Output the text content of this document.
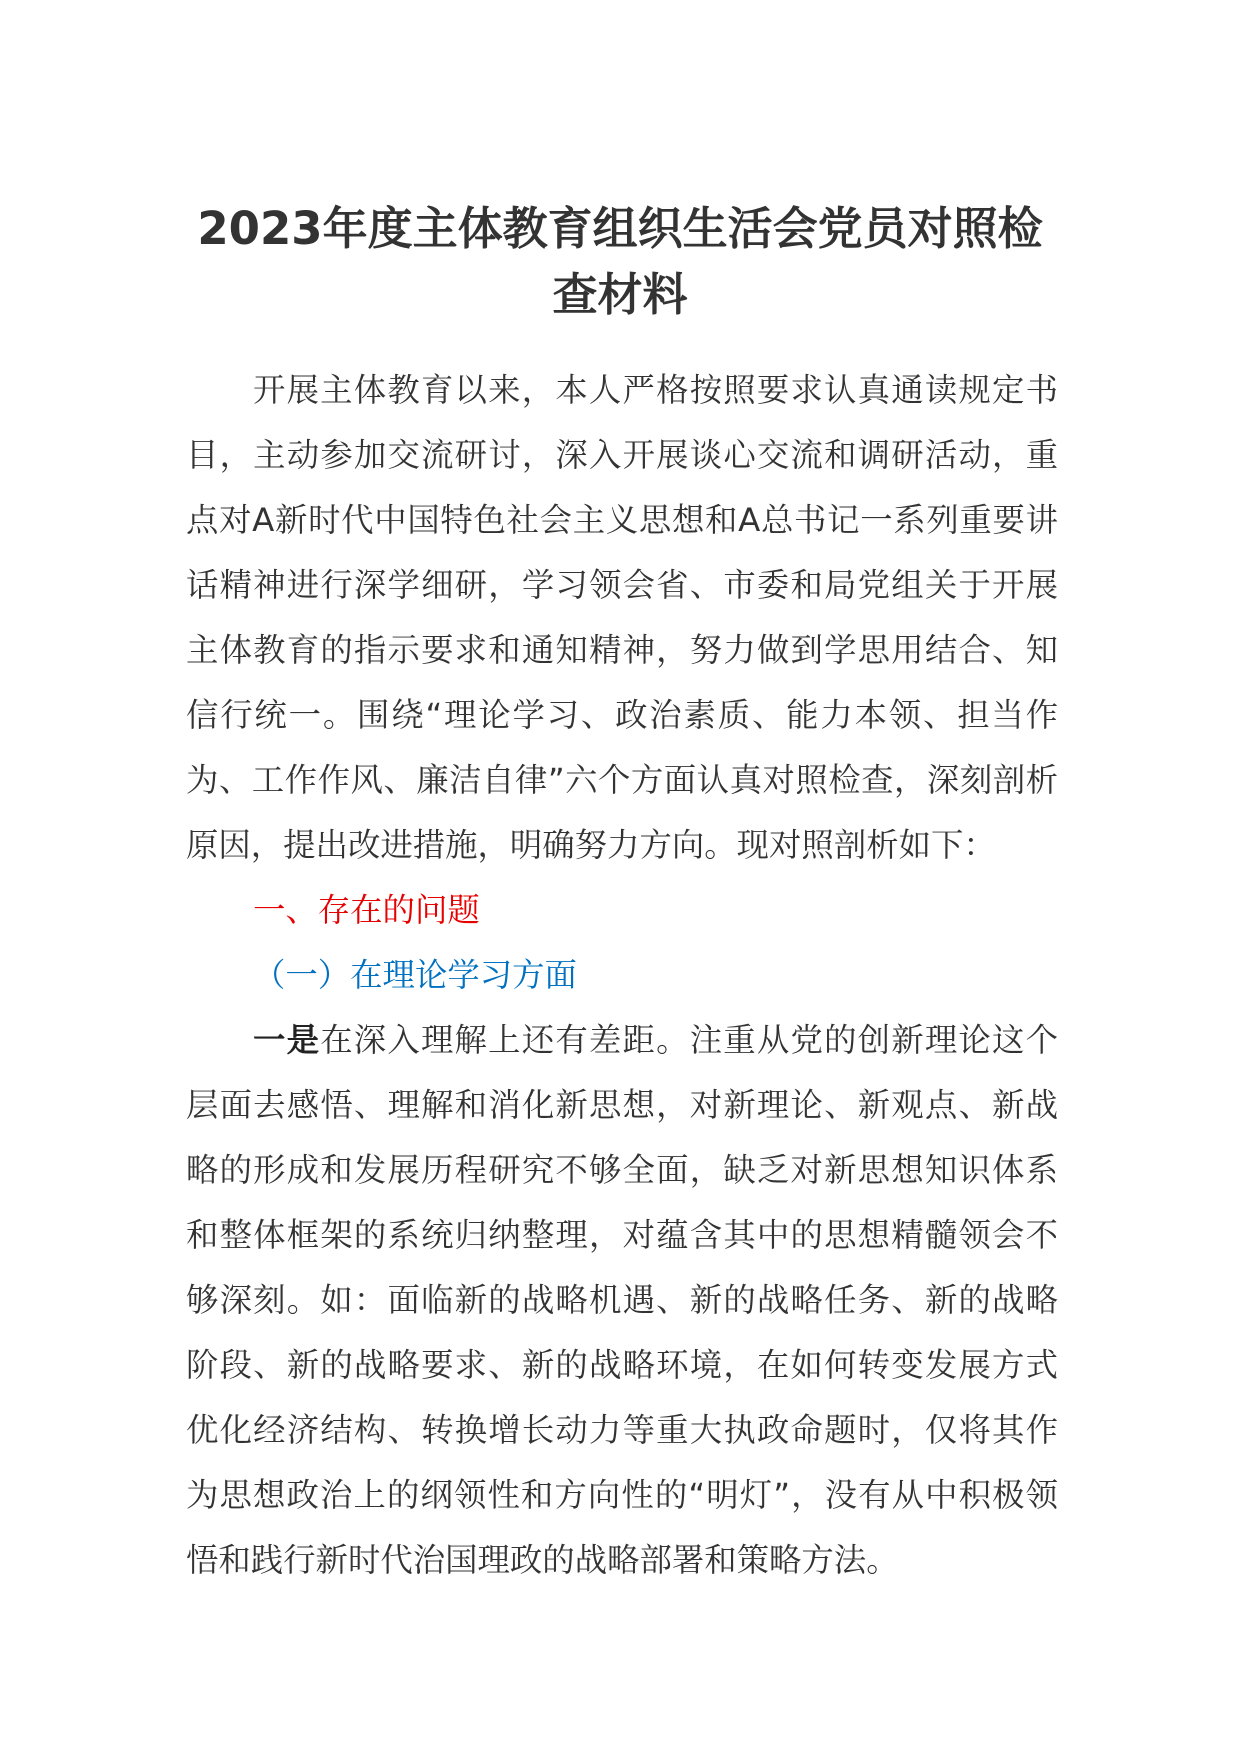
2023年度主体教育组织生活会党员对照检
查材料

开展主体教育以来，本人严格按照要求认真通读规定书目，主动参加交流研讨，深入开展谈心交流和调研活动，重点对A新时代中国特色社会主义思想和A总书记一系列重要讲话精神进行深学细研，学习领会省、市委和局党组关于开展主体教育的指示要求和通知精神，努力做到学思用结合、知信行统一。围绕“理论学习、政治素质、能力本领、担当作为、工作作风、廉洁自律”六个方面认真对照检查，深刻剖析原因，提出改进措施，明确努力方向。现对照剖析如下：

一、存在的问题

（一）在理论学习方面

一是在深入理解上还有差距。注重从党的创新理论这个层面去感悟、理解和消化新思想，对新理论、新观点、新战略的形成和发展历程研究不够全面，缺乏对新思想知识体系和整体框架的系统归纳整理，对蕴含其中的思想精髓领会不够深刻。如：面临新的战略机遇、新的战略任务、新的战略阶段、新的战略要求、新的战略环境，在如何转变发展方式优化经济结构、转换增长动力等重大执政命题时，仅将其作为思想政治上的纲领性和方向性的“明灯”，没有从中积极领悟和践行新时代治国理政的战略部署和策略方法。
